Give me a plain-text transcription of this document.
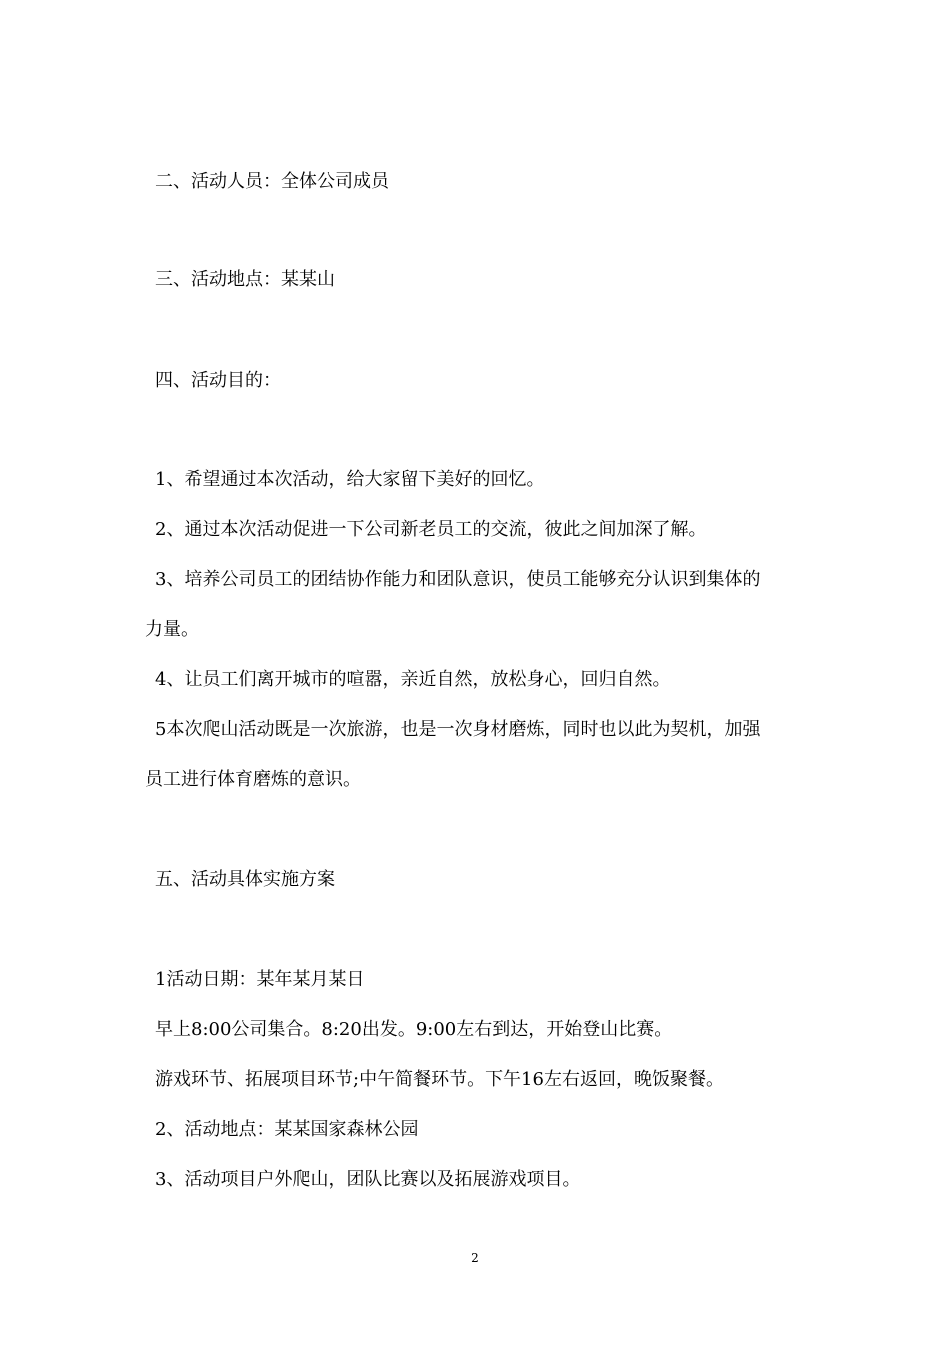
二、活动人员：全体公司成员
三、活动地点：某某山
四、活动目的：
1、希望通过本次活动，给大家留下美好的回忆。
2、通过本次活动促进一下公司新老员工的交流，彼此之间加深了解。
3、培养公司员工的团结协作能力和团队意识，使员工能够充分认识到集体的
力量。
4、让员工们离开城市的喧嚣，亲近自然，放松身心，回归自然。
5本次爬山活动既是一次旅游，也是一次身材磨炼，同时也以此为契机，加强
员工进行体育磨炼的意识。
五、活动具体实施方案
1活动日期：某年某月某日
早上8:00公司集合。8:20出发。9:00左右到达，开始登山比赛。
游戏环节、拓展项目环节;中午简餐环节。下午16左右返回，晚饭聚餐。
2、活动地点：某某国家森林公园
3、活动项目户外爬山，团队比赛以及拓展游戏项目。
2
